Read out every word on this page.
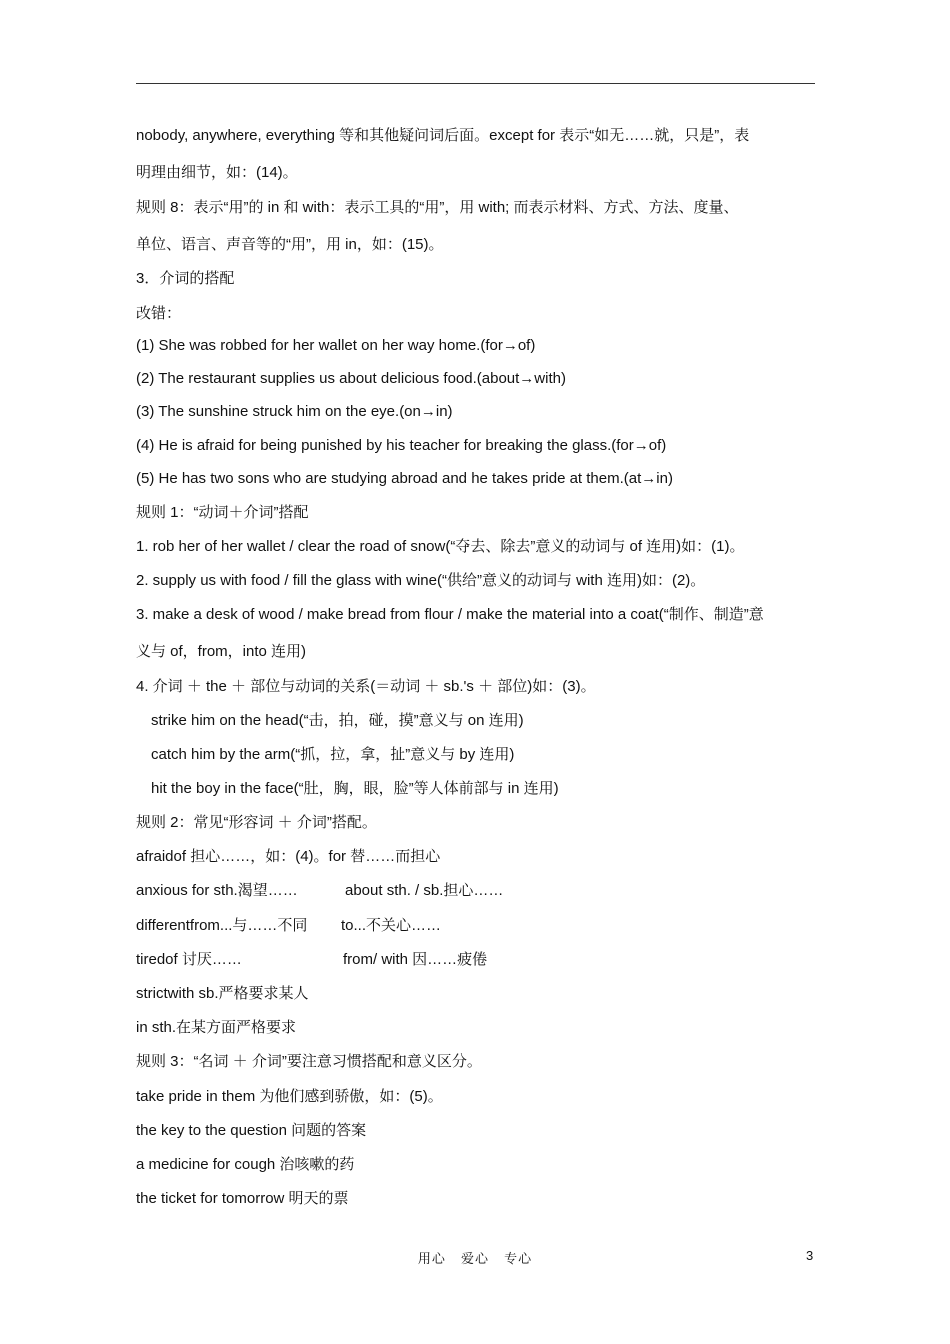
nobody, anywhere, everything 等和其他疑问词后面。except for 表示“如无……就，只是”，表
明理由细节，如：(14)。
规则 8：表示“用”的 in 和 with：表示工具的“用”，用 with; 而表示材料、方式、方法、度量、
单位、语言、声音等的“用”，用 in，如：(15)。
3．介词的搭配
改错：
(1) She was robbed for her wallet on her way home.(for→of)
(2) The restaurant supplies us about delicious food.(about→with)
(3) The sunshine struck him on the eye.(on→in)
(4) He is afraid for being punished by his teacher for breaking the glass.(for→of)
(5) He has two sons who are studying abroad and he takes pride at them.(at→in)
规则 1：“动词＋介词”搭配
1. rob her of her wallet / clear the road of snow(“夺去、除去”意义的动词与 of 连用)如：(1)。
2. supply us with food / fill the glass with wine(“供给”意义的动词与 with 连用)如：(2)。
3. make a desk of wood / make bread from flour / make the material into a coat(“制作、制造”意
义与 of，from，into 连用)
4. 介词 ＋ the ＋ 部位与动词的关系(＝动词 ＋ sb.'s ＋ 部位)如：(3)。
strike him on the head(“击，拍，碰，摸”意义与 on 连用)
catch him by the arm(“抓，拉，拿，扯”意义与 by 连用)
hit the boy in the face(“肚，胸，眼，脸”等人体前部与 in 连用)
规则 2：常见“形容词 ＋ 介词”搭配。
afraidof 担心……，如：(4)。for 替……而担心
anxious for sth.渴望……	about sth. / sb.担心……
differentfrom...与……不同 to...不关心……
tiredof 讨厌……	from/ with 因……疲倦
strictwith sb.严格要求某人
in sth.在某方面严格要求
规则 3：“名词 ＋ 介词”要注意习惯搭配和意义区分。
take pride in them 为他们感到骄傲，如：(5)。
the key to the question 问题的答案
a medicine for cough 治咳嗽的药
the ticket for tomorrow 明天的票
用心 爱心 专心	3
